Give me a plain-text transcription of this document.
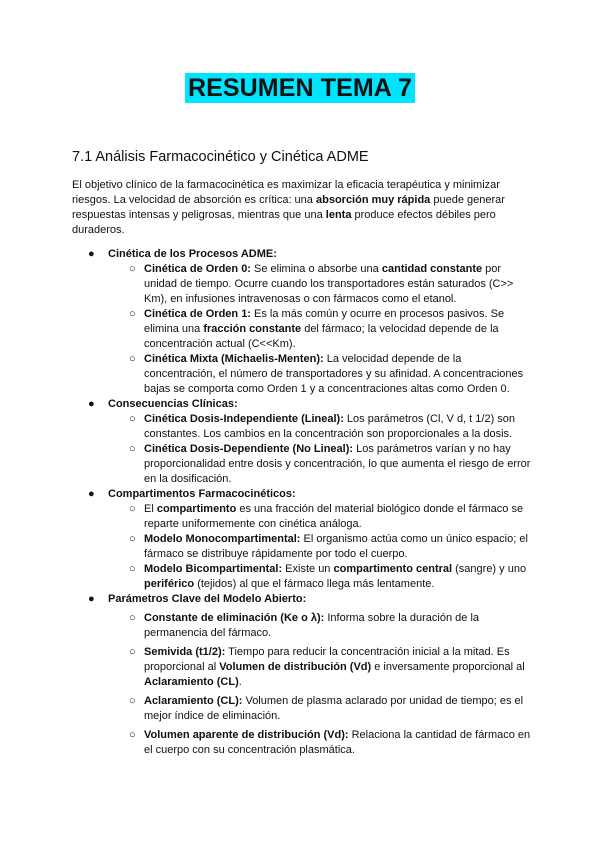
RESUMEN TEMA 7
7.1 Análisis Farmacocinético y Cinética ADME

El objetivo clínico de la farmacocinética es maximizar la eficacia terapéutica y minimizar riesgos. La velocidad de absorción es crítica: una absorción muy rápida puede generar respuestas intensas y peligrosas, mientras que una lenta produce efectos débiles pero duraderos.

● Cinética de los Procesos ADME:
○ Cinética de Orden 0: Se elimina o absorbe una cantidad constante por unidad de tiempo. Ocurre cuando los transportadores están saturados (C>> Km), en infusiones intravenosas o con fármacos como el etanol.
○ Cinética de Orden 1: Es la más común y ocurre en procesos pasivos. Se elimina una fracción constante del fármaco; la velocidad depende de la concentración actual (C<<Km).
○ Cinética Mixta (Michaelis-Menten): La velocidad depende de la concentración, el número de transportadores y su afinidad. A concentraciones bajas se comporta como Orden 1 y a concentraciones altas como Orden 0.
● Consecuencias Clínicas:
○ Cinética Dosis-Independiente (Lineal): Los parámetros (Cl, V d, t 1/2) son constantes. Los cambios en la concentración son proporcionales a la dosis.
○ Cinética Dosis-Dependiente (No Lineal): Los parámetros varían y no hay proporcionalidad entre dosis y concentración, lo que aumenta el riesgo de error en la dosificación.
● Compartimentos Farmacocinéticos:
○ El compartimento es una fracción del material biológico donde el fármaco se reparte uniformemente con cinética análoga.
○ Modelo Monocompartimental: El organismo actúa como un único espacio; el fármaco se distribuye rápidamente por todo el cuerpo.
○ Modelo Bicompartimental: Existe un compartimento central (sangre) y uno periférico (tejidos) al que el fármaco llega más lentamente.
● Parámetros Clave del Modelo Abierto:
○ Constante de eliminación (Ke o λ): Informa sobre la duración de la permanencia del fármaco.
○ Semivida (t1/2): Tiempo para reducir la concentración inicial a la mitad. Es proporcional al Volumen de distribución (Vd) e inversamente proporcional al Aclaramiento (CL).
○ Aclaramiento (CL): Volumen de plasma aclarado por unidad de tiempo; es el mejor índice de eliminación.
○ Volumen aparente de distribución (Vd): Relaciona la cantidad de fármaco en el cuerpo con su concentración plasmática.
